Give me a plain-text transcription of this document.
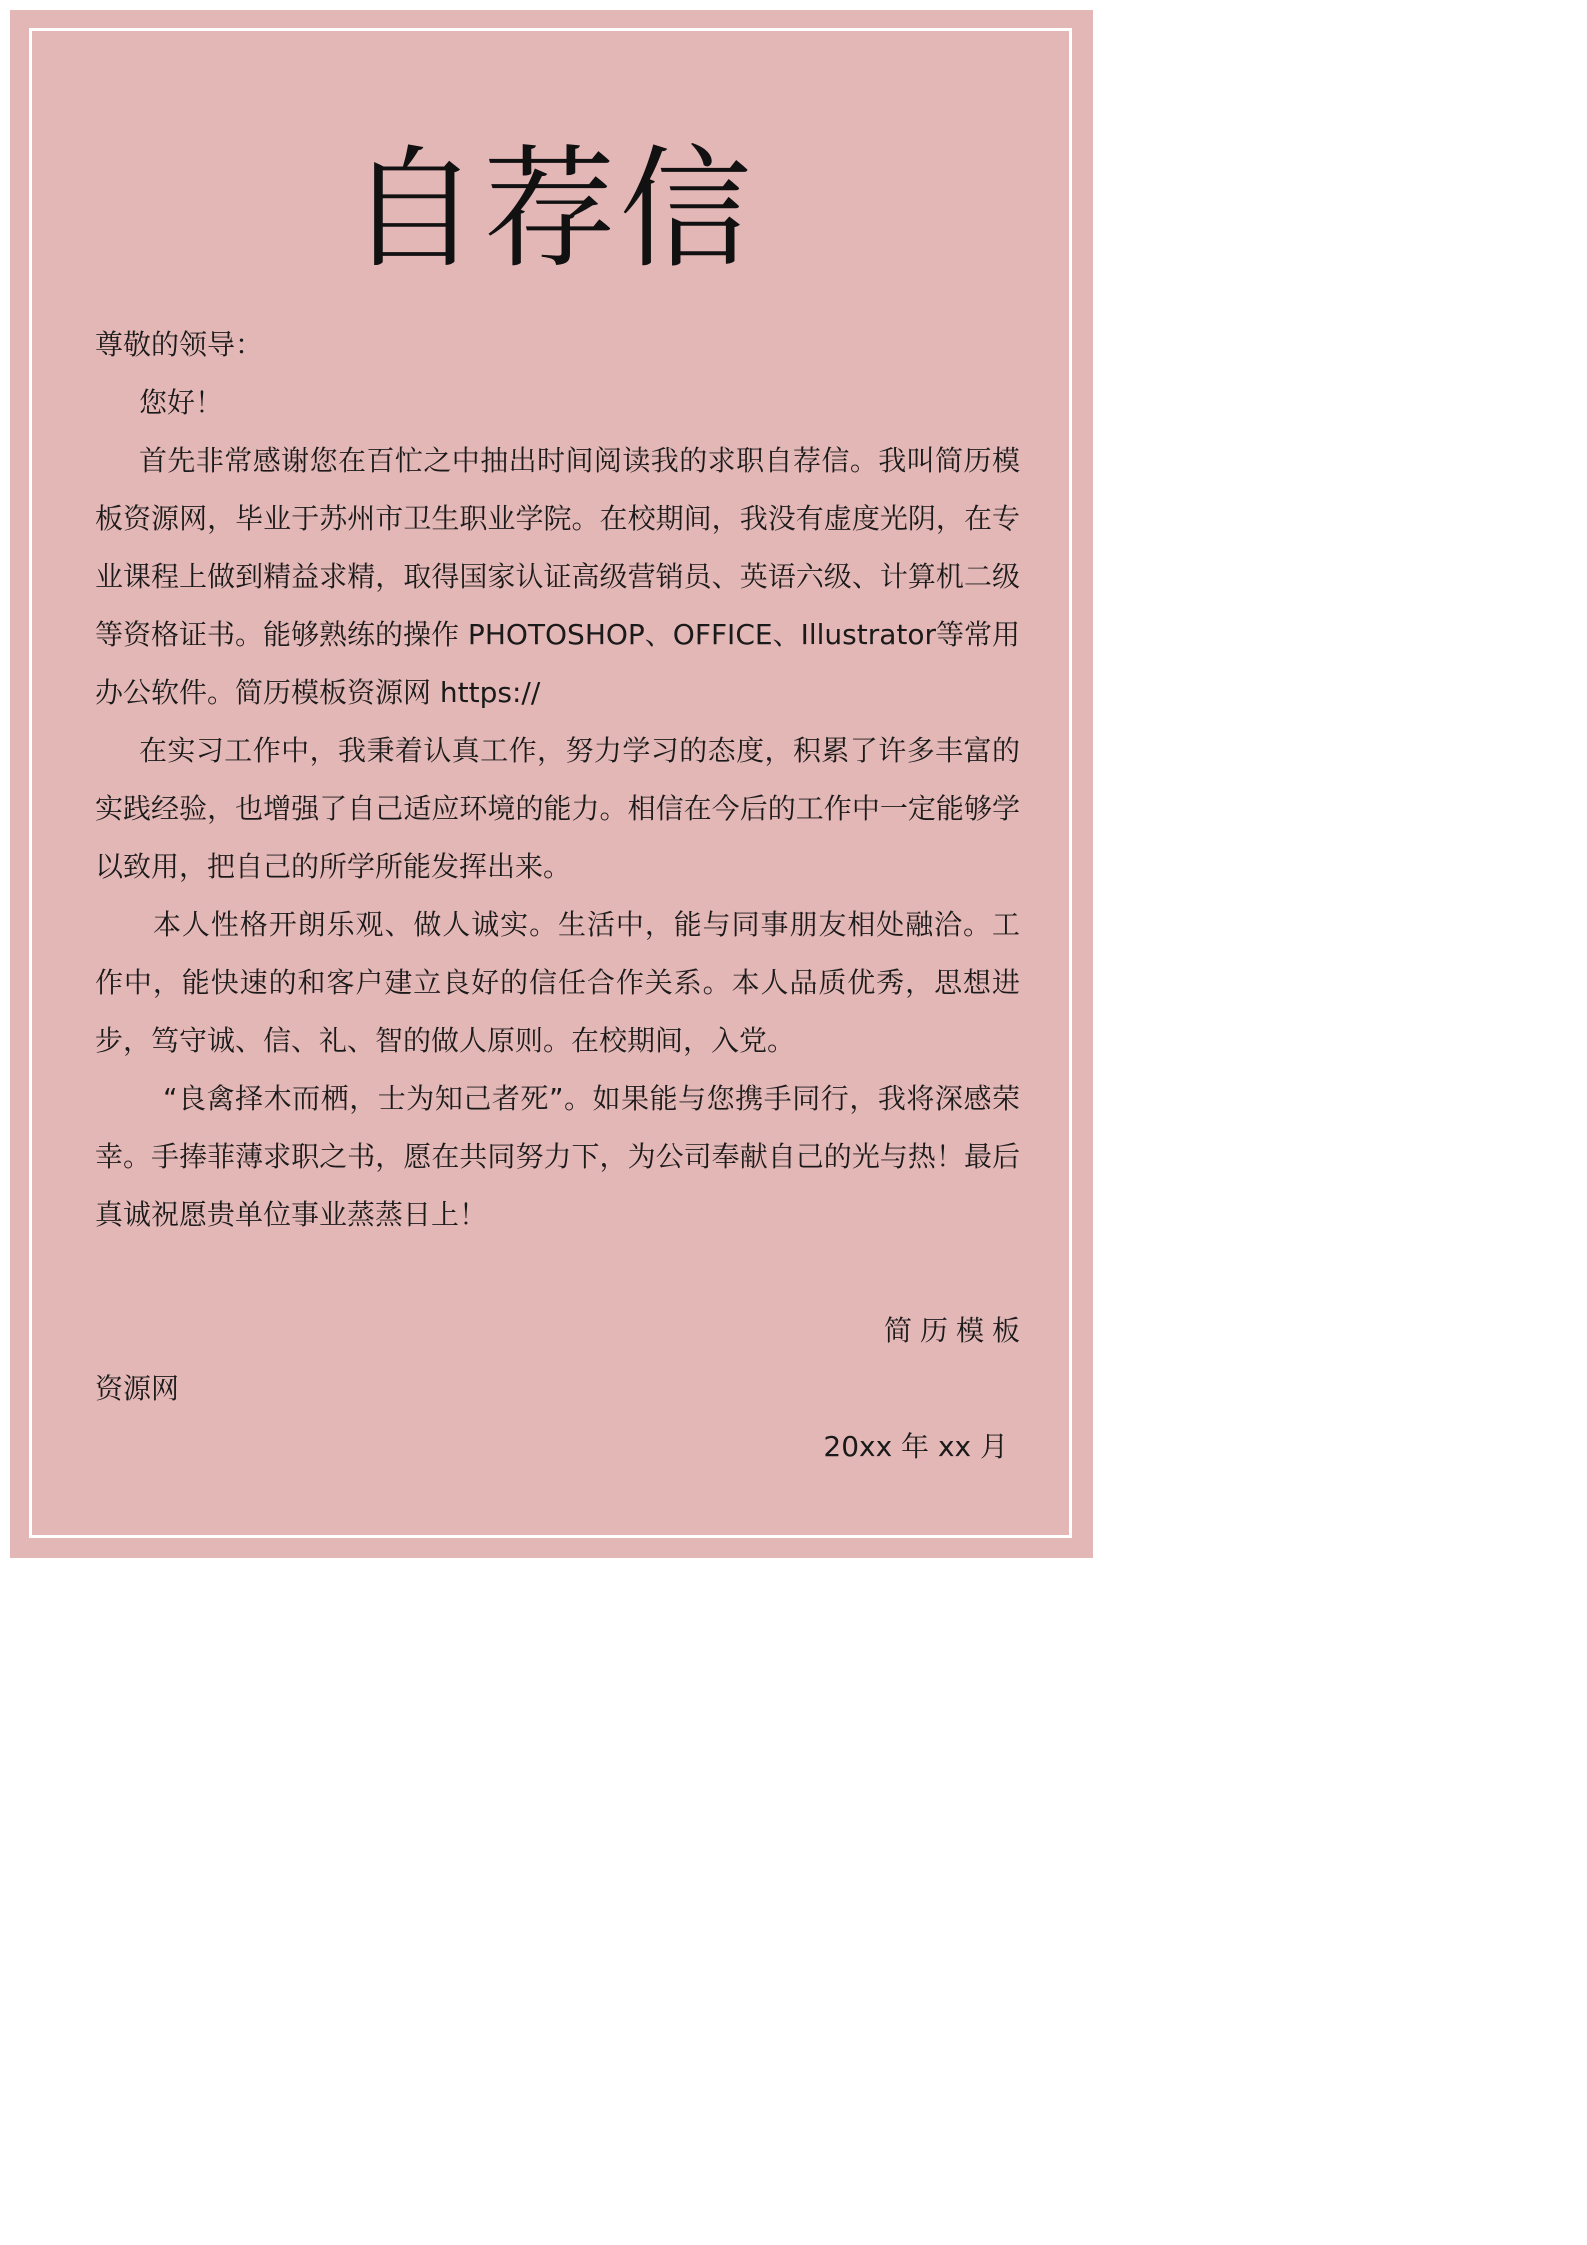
自荐信

尊敬的领导：

您好！

首先非常感谢您在百忙之中抽出时间阅读我的求职自荐信。我叫简历模板资源网，毕业于苏州市卫生职业学院。在校期间，我没有虚度光阴，在专业课程上做到精益求精，取得国家认证高级营销员、英语六级、计算机二级等资格证书。能够熟练的操作 PHOTOSHOP、OFFICE、Illustrator等常用办公软件。简历模板资源网 https://

在实习工作中，我秉着认真工作，努力学习的态度，积累了许多丰富的实践经验，也增强了自己适应环境的能力。相信在今后的工作中一定能够学以致用，把自己的所学所能发挥出来。

本人性格开朗乐观、做人诚实。生活中，能与同事朋友相处融洽。工作中，能快速的和客户建立良好的信任合作关系。本人品质优秀，思想进步，笃守诚、信、礼、智的做人原则。在校期间，入党。

“良禽择木而栖，士为知己者死”。如果能与您携手同行，我将深感荣幸。手捧菲薄求职之书，愿在共同努力下，为公司奉献自己的光与热！最后真诚祝愿贵单位事业蒸蒸日上！

简历模板
资源网
20xx 年 xx 月
